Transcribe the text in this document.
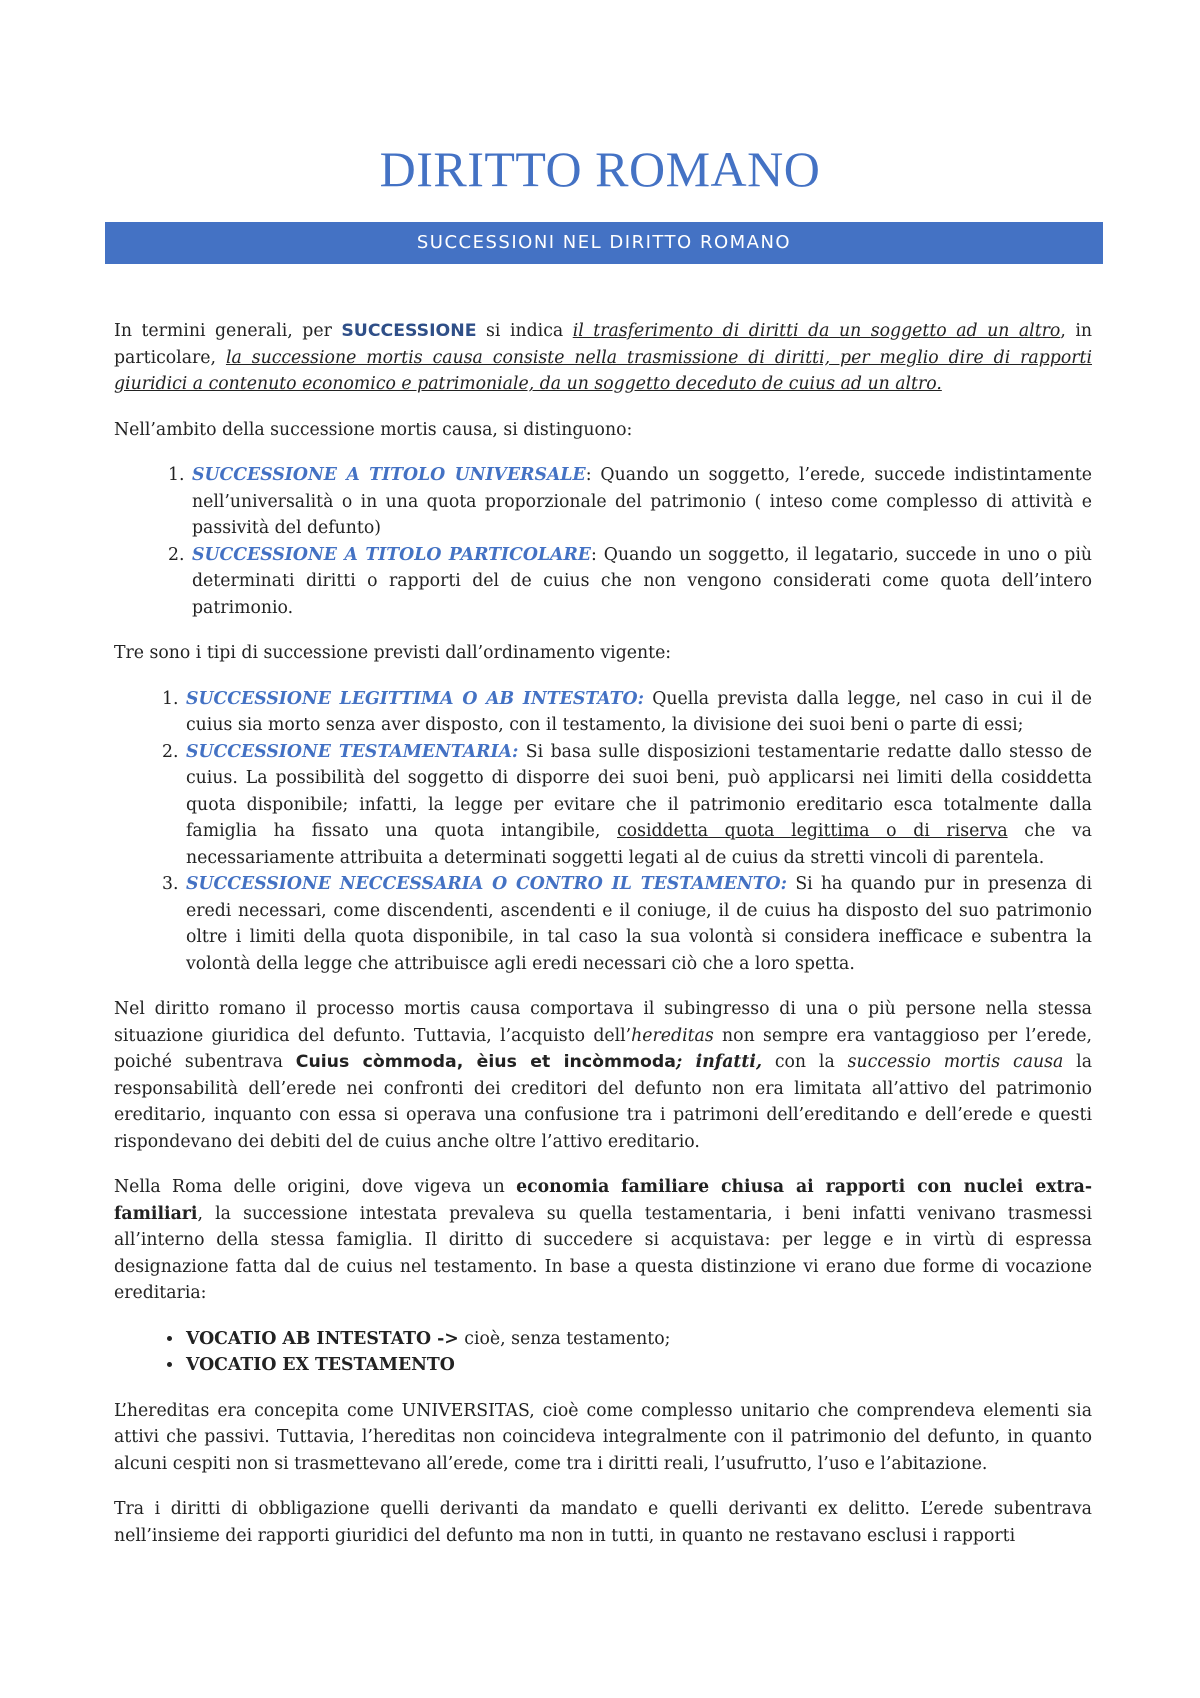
DIRITTO ROMANO
SUCCESSIONI NEL DIRITTO ROMANO

In termini generali, per SUCCESSIONE si indica il trasferimento di diritti da un soggetto ad un altro, in particolare, la successione mortis causa consiste nella trasmissione di diritti, per meglio dire di rapporti giuridici a contenuto economico e patrimoniale, da un soggetto deceduto de cuius ad un altro.

Nell’ambito della successione mortis causa, si distinguono:

1. SUCCESSIONE A TITOLO UNIVERSALE: Quando un soggetto, l’erede, succede indistintamente nell’universalità o in una quota proporzionale del patrimonio ( inteso come complesso di attività e passività del defunto)
2. SUCCESSIONE A TITOLO PARTICOLARE: Quando un soggetto, il legatario, succede in uno o più determinati diritti o rapporti del de cuius che non vengono considerati come quota dell’intero patrimonio.

Tre sono i tipi di successione previsti dall’ordinamento vigente:

1. SUCCESSIONE LEGITTIMA O AB INTESTATO: Quella prevista dalla legge, nel caso in cui il de cuius sia morto senza aver disposto, con il testamento, la divisione dei suoi beni o parte di essi;
2. SUCCESSIONE TESTAMENTARIA: Si basa sulle disposizioni testamentarie redatte dallo stesso de cuius. La possibilità del soggetto di disporre dei suoi beni, può applicarsi nei limiti della cosiddetta quota disponibile; infatti, la legge per evitare che il patrimonio ereditario esca totalmente dalla famiglia ha fissato una quota intangibile, cosiddetta quota legittima o di riserva che va necessariamente attribuita a determinati soggetti legati al de cuius da stretti vincoli di parentela.
3. SUCCESSIONE NECCESSARIA O CONTRO IL TESTAMENTO: Si ha quando pur in presenza di eredi necessari, come discendenti, ascendenti e il coniuge, il de cuius ha disposto del suo patrimonio oltre i limiti della quota disponibile, in tal caso la sua volontà si considera inefficace e subentra la volontà della legge che attribuisce agli eredi necessari ciò che a loro spetta.

Nel diritto romano il processo mortis causa comportava il subingresso di una o più persone nella stessa situazione giuridica del defunto. Tuttavia, l’acquisto dell’hereditas non sempre era vantaggioso per l’erede, poiché subentrava Cuius còmmoda, èius et incòmmoda; infatti, con la successio mortis causa la responsabilità dell’erede nei confronti dei creditori del defunto non era limitata all’attivo del patrimonio ereditario, inquanto con essa si operava una confusione tra i patrimoni dell’ereditando e dell’erede e questi rispondevano dei debiti del de cuius anche oltre l’attivo ereditario.

Nella Roma delle origini, dove vigeva un economia familiare chiusa ai rapporti con nuclei extra-familiari, la successione intestata prevaleva su quella testamentaria, i beni infatti venivano trasmessi all’interno della stessa famiglia. Il diritto di succedere si acquistava: per legge e in virtù di espressa designazione fatta dal de cuius nel testamento. In base a questa distinzione vi erano due forme di vocazione ereditaria:

• VOCATIO AB INTESTATO -> cioè, senza testamento;
• VOCATIO EX TESTAMENTO

L’hereditas era concepita come UNIVERSITAS, cioè come complesso unitario che comprendeva elementi sia attivi che passivi. Tuttavia, l’hereditas non coincideva integralmente con il patrimonio del defunto, in quanto alcuni cespiti non si trasmettevano all’erede, come tra i diritti reali, l’usufrutto, l’uso e l’abitazione.

Tra i diritti di obbligazione quelli derivanti da mandato e quelli derivanti ex delitto. L’erede subentrava nell’insieme dei rapporti giuridici del defunto ma non in tutti, in quanto ne restavano esclusi i rapporti
